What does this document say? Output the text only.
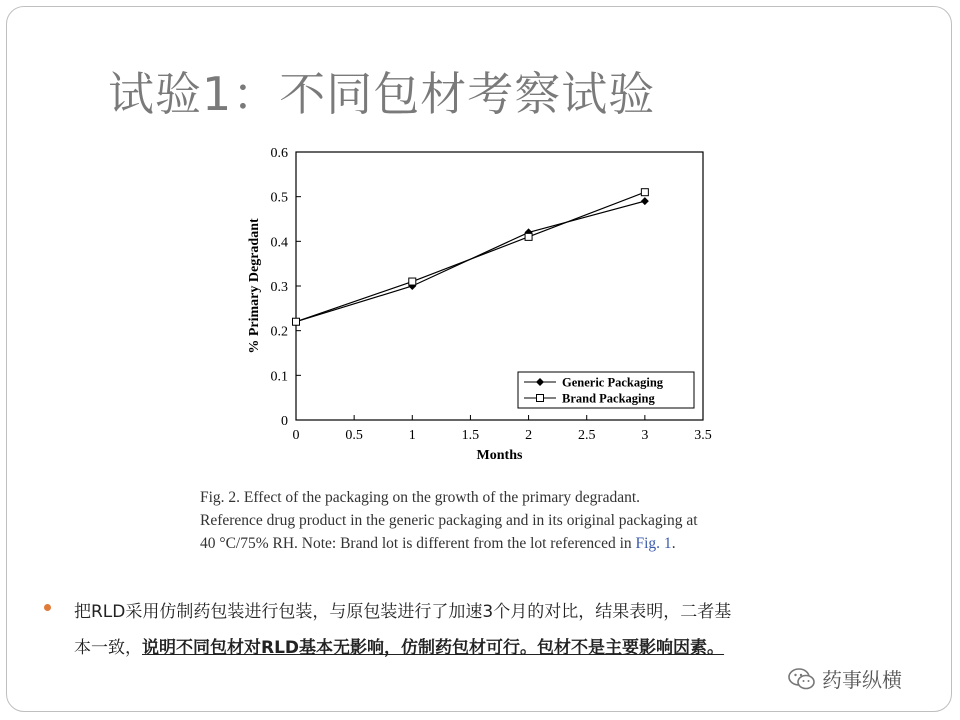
试验1：不同包材考察试验
0
0.1
0.2
0.3
0.4
0.5
0.6
0	0.5	1	1.5	2	2.5	3	3.5
Months
% Primary Degradant
Generic Packaging
Brand Packaging
Fig. 2. Effect of the packaging on the growth of the primary degradant.
Reference drug product in the generic packaging and in its original packaging at
40 °C/75% RH. Note: Brand lot is different from the lot referenced in Fig. 1.
把RLD采用仿制药包装进行包装，与原包装进行了加速3个月的对比，结果表明，二者基
本一致，说明不同包材对RLD基本无影响，仿制药包材可行。包材不是主要影响因素。
药事纵横
